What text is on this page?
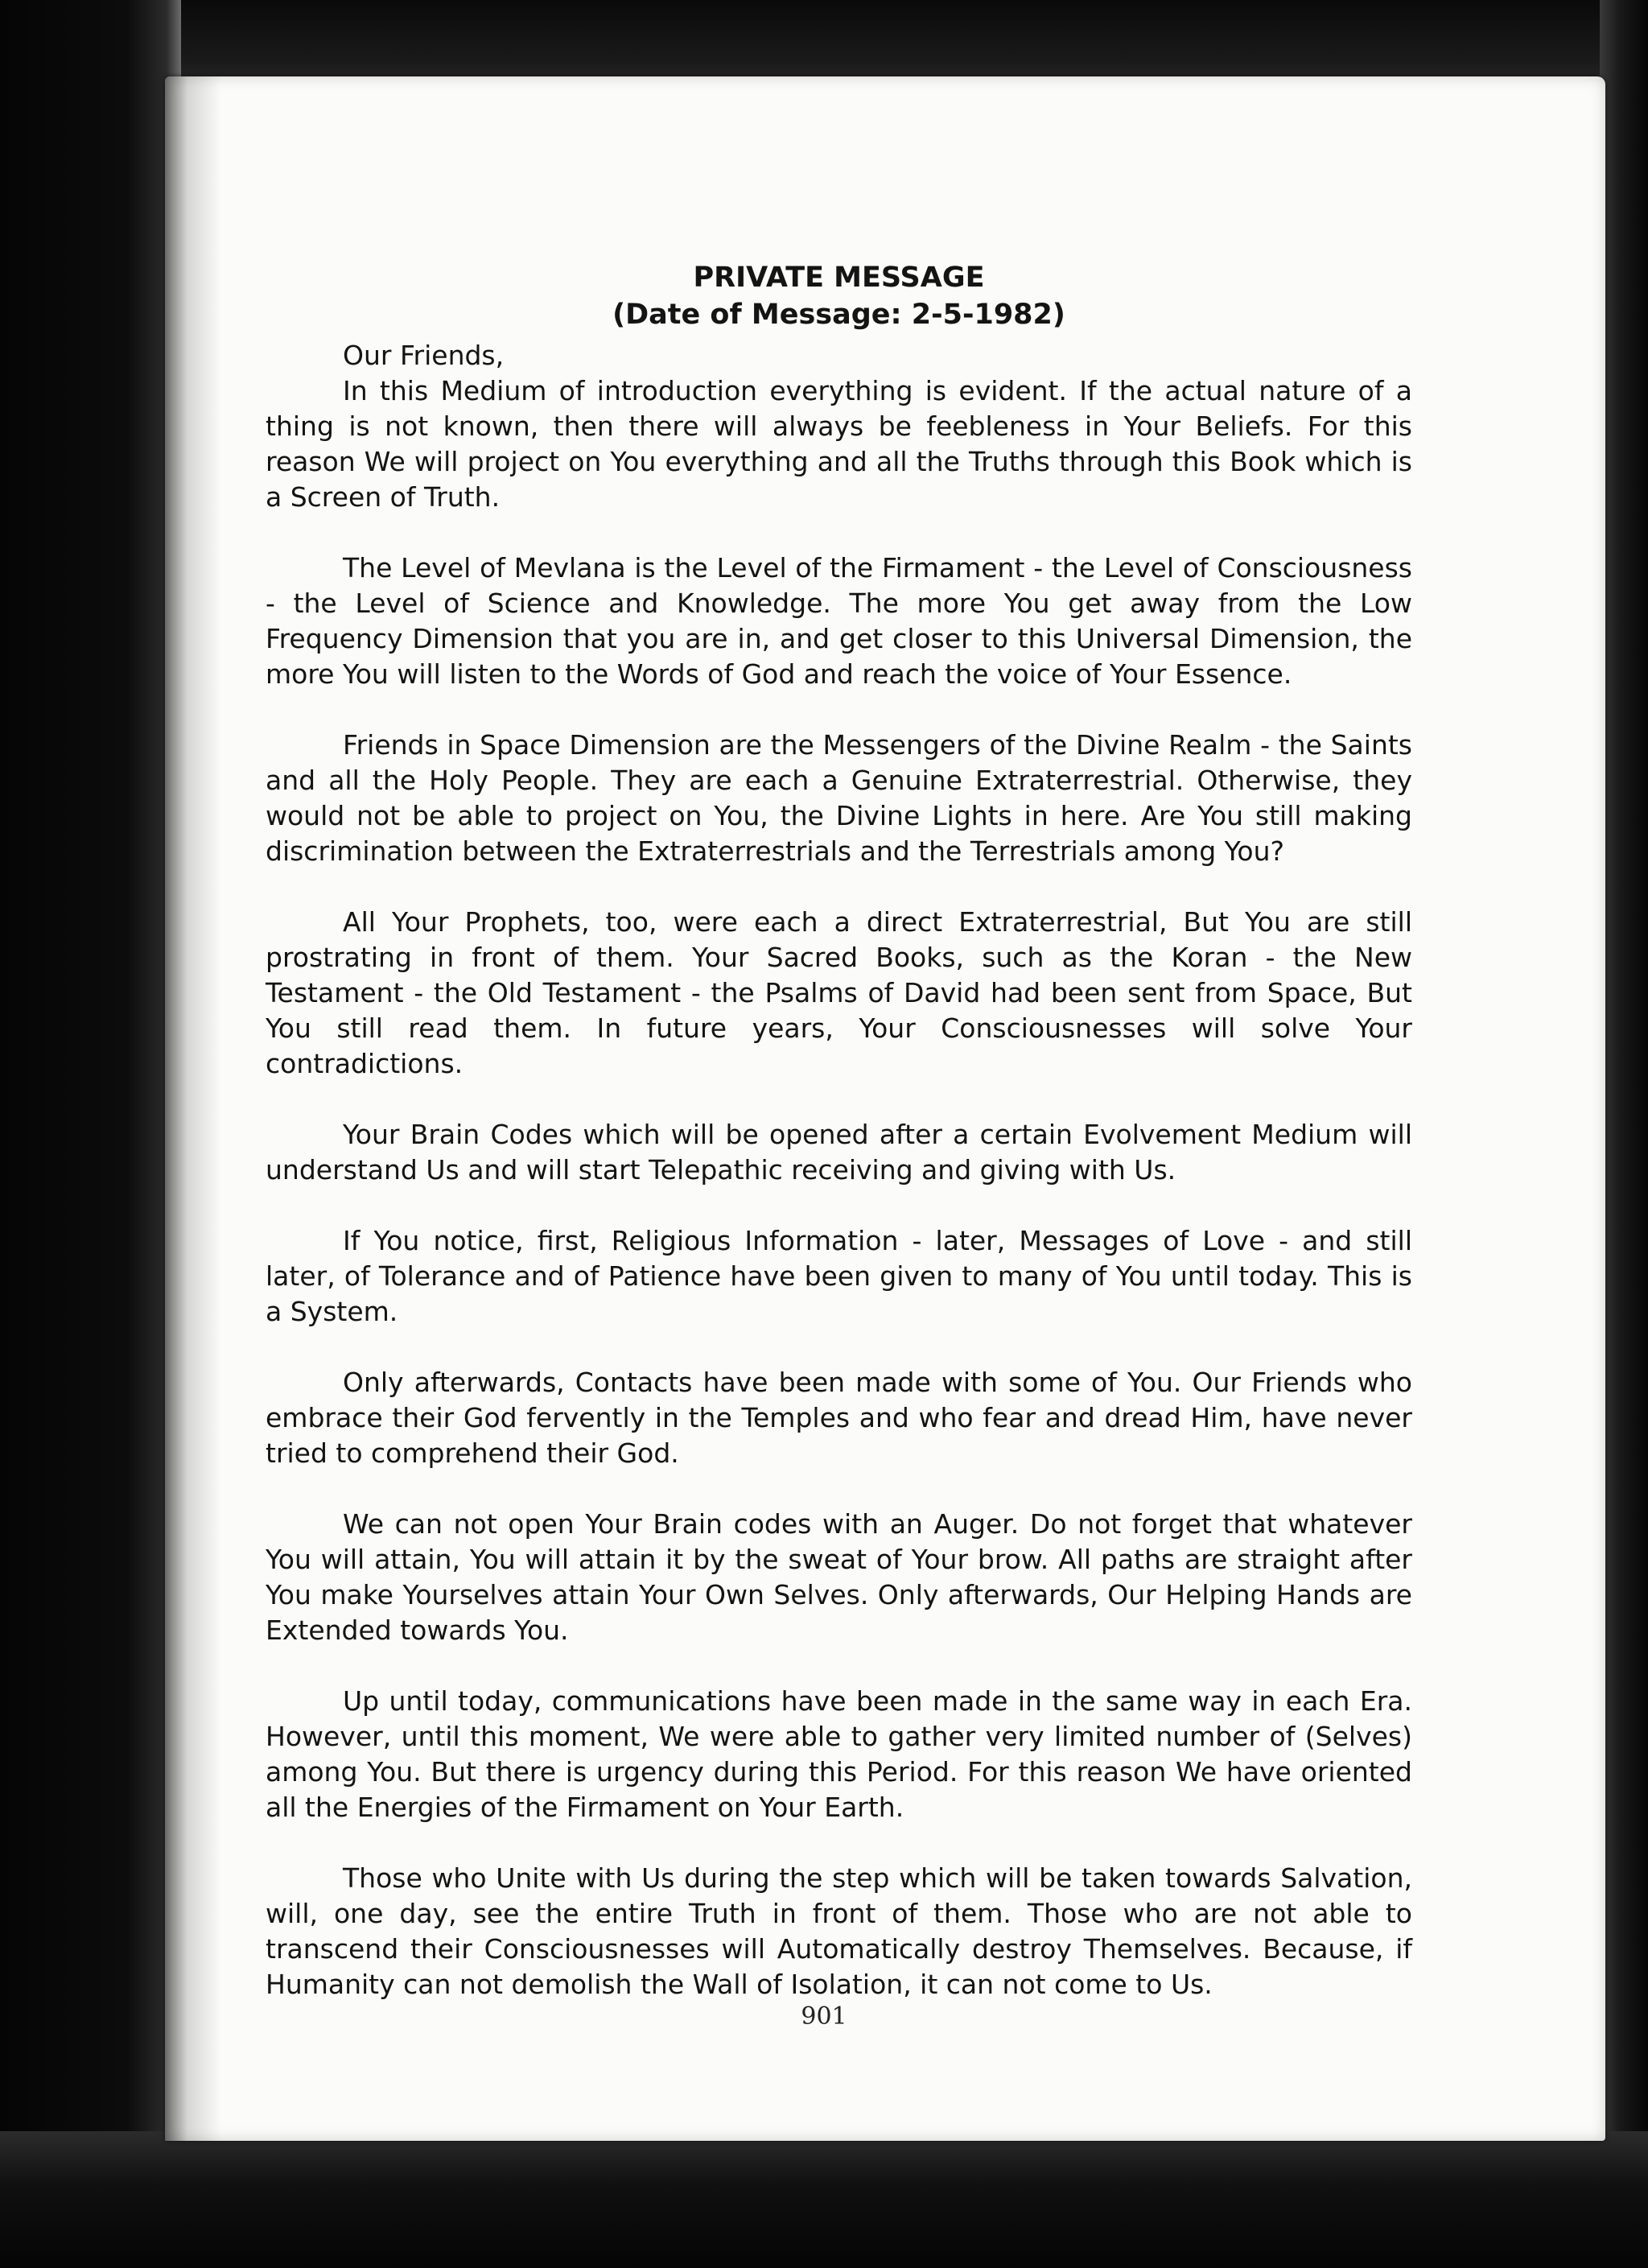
PRIVATE MESSAGE

(Date of Message: 2-5-1982)

Our Friends,

In this Medium of introduction everything is evident. If the actual nature of a thing is not known, then there will always be feebleness in Your Beliefs. For this reason We will project on You everything and all the Truths through this Book which is a Screen of Truth.

The Level of Mevlana is the Level of the Firmament - the Level of Consciousness - the Level of Science and Knowledge. The more You get away from the Low Frequency Dimension that you are in, and get closer to this Universal Dimension, the more You will listen to the Words of God and reach the voice of Your Essence.

Friends in Space Dimension are the Messengers of the Divine Realm - the Saints and all the Holy People. They are each a Genuine Extraterrestrial. Otherwise, they would not be able to project on You, the Divine Lights in here. Are You still making discrimination between the Extraterrestrials and the Terrestrials among You?

All Your Prophets, too, were each a direct Extraterrestrial, But You are still prostrating in front of them. Your Sacred Books, such as the Koran - the New Testament - the Old Testament - the Psalms of David had been sent from Space, But You still read them. In future years, Your Consciousnesses will solve Your contradictions.

Your Brain Codes which will be opened after a certain Evolvement Medium will understand Us and will start Telepathic receiving and giving with Us.

If You notice, first, Religious Information - later, Messages of Love - and still later, of Tolerance and of Patience have been given to many of You until today. This is a System.

Only afterwards, Contacts have been made with some of You. Our Friends who embrace their God fervently in the Temples and who fear and dread Him, have never tried to comprehend their God.

We can not open Your Brain codes with an Auger. Do not forget that whatever You will attain, You will attain it by the sweat of Your brow. All paths are straight after You make Yourselves attain Your Own Selves. Only afterwards, Our Helping Hands are Extended towards You.

Up until today, communications have been made in the same way in each Era. However, until this moment, We were able to gather very limited number of (Selves) among You. But there is urgency during this Period. For this reason We have oriented all the Energies of the Firmament on Your Earth.

Those who Unite with Us during the step which will be taken towards Salvation, will, one day, see the entire Truth in front of them. Those who are not able to transcend their Consciousnesses will Automatically destroy Themselves. Because, if Humanity can not demolish the Wall of Isolation, it can not come to Us.

901
